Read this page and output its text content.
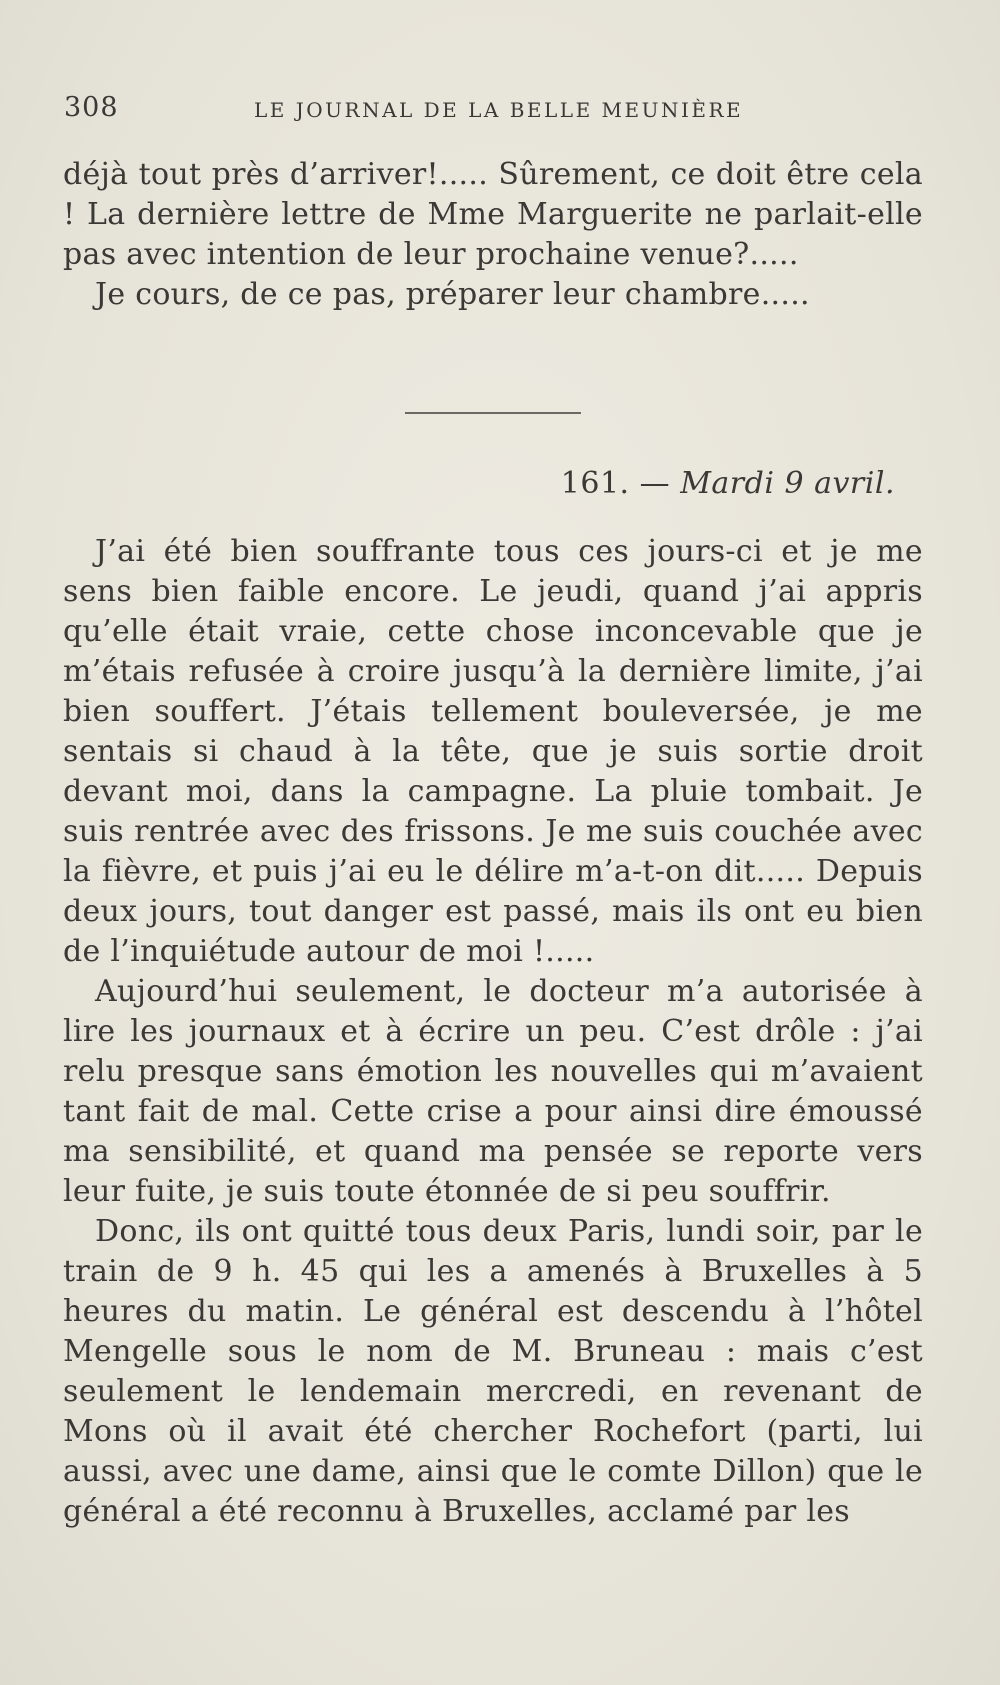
308	LE JOURNAL DE LA BELLE MEUNIÈRE

déjà tout près d’arriver!..... Sûrement, ce doit être cela ! La dernière lettre de Mme Marguerite ne parlait-elle pas avec intention de leur prochaine venue?.....

Je cours, de ce pas, préparer leur chambre.....

161. — Mardi 9 avril.

J’ai été bien souffrante tous ces jours-ci et je me sens bien faible encore. Le jeudi, quand j’ai appris qu’elle était vraie, cette chose inconcevable que je m’étais refusée à croire jusqu’à la dernière limite, j’ai bien souffert. J’étais tellement bouleversée, je me sentais si chaud à la tête, que je suis sortie droit devant moi, dans la campagne. La pluie tombait. Je suis rentrée avec des frissons. Je me suis couchée avec la fièvre, et puis j’ai eu le délire m’a-t-on dit..... Depuis deux jours, tout danger est passé, mais ils ont eu bien de l’inquiétude autour de moi !.....

Aujourd’hui seulement, le docteur m’a autorisée à lire les journaux et à écrire un peu. C’est drôle : j’ai relu presque sans émotion les nouvelles qui m’avaient tant fait de mal. Cette crise a pour ainsi dire émoussé ma sensibilité, et quand ma pensée se reporte vers leur fuite, je suis toute étonnée de si peu souffrir.

Donc, ils ont quitté tous deux Paris, lundi soir, par le train de 9 h. 45 qui les a amenés à Bruxelles à 5 heures du matin. Le général est descendu à l’hôtel Mengelle sous le nom de M. Bruneau : mais c’est seulement le lendemain mercredi, en revenant de Mons où il avait été chercher Rochefort (parti, lui aussi, avec une dame, ainsi que le comte Dillon) que le général a été reconnu à Bruxelles, acclamé par les
